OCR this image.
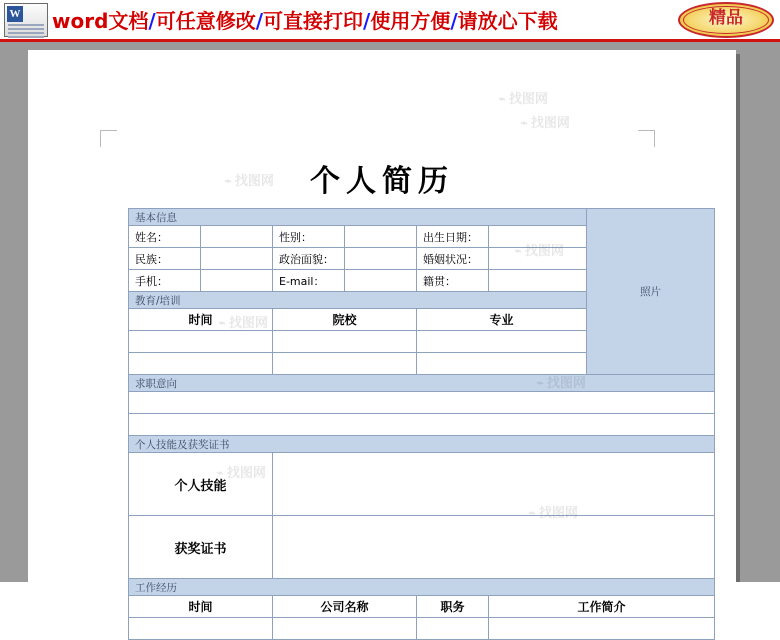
W word文档/可任意修改/可直接打印/使用方便/请放心下载	精品
个人简历
基本信息						照片
姓名：		性别：		出生日期：		
民族：		政治面貌：		婚姻状况：		
手机：		E-mail：		籍贯：		
教育/培训						
时间		院校		专业		

求职意向						

个人技能及获奖证书						
个人技能						
获奖证书						
工作经历						
时间		公司名称		职务	工作简介	

⌁ 找图网
⌁ 找图网
⌁ 找图网
